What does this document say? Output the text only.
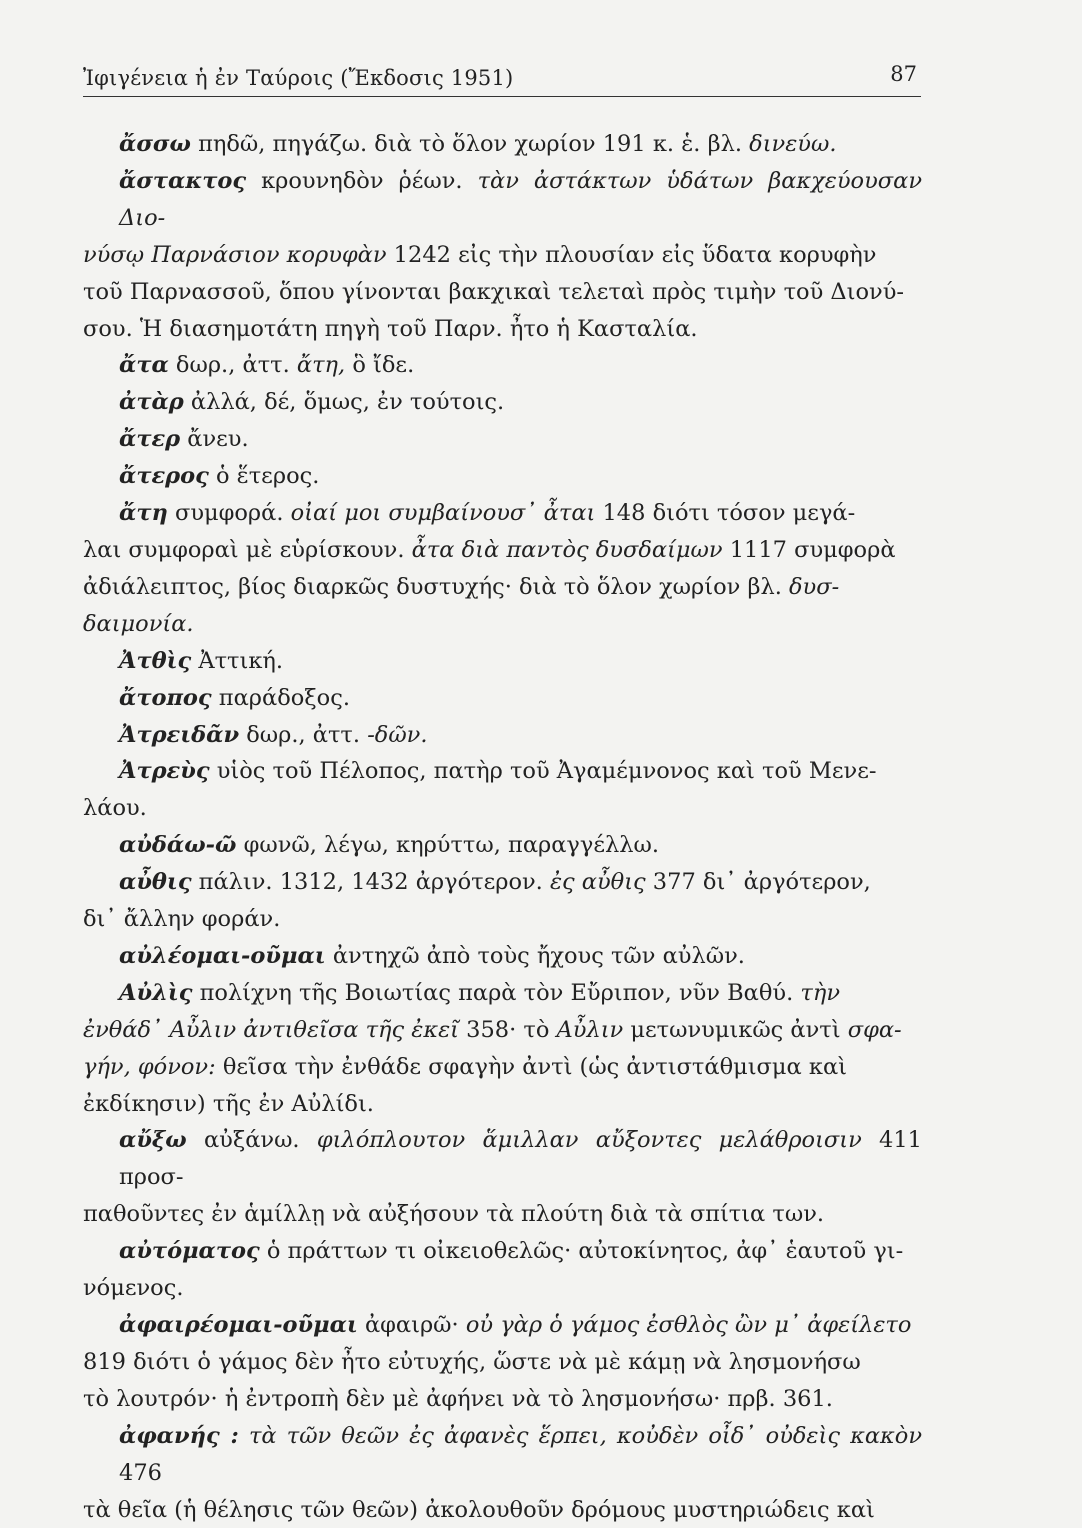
Ἰφιγένεια ἡ ἐν Ταύροις (Ἔκδοσις 1951)	87

ἄσσω πηδῶ, πηγάζω. διὰ τὸ ὅλον χωρίον 191 κ. ἑ. βλ. δινεύω.

ἄστακτος κρουνηδὸν ῥέων. τὰν ἀστάκτων ὑδάτων βακχεύουσαν Διο-

νύσῳ Παρνάσιον κορυφὰν 1242 εἰς τὴν πλουσίαν εἰς ὕδατα κορυφὴν

τοῦ Παρνασσοῦ, ὅπου γίνονται βακχικαὶ τελεταὶ πρὸς τιμὴν τοῦ Διονύ-

σου. Ἡ διασημοτάτη πηγὴ τοῦ Παρν. ἦτο ἡ Κασταλία.

ἄτα δωρ., ἀττ. ἄτη, ὃ ἴδε.

ἀτὰρ ἀλλά, δέ, ὅμως, ἐν τούτοις.

ἄτερ ἄνευ.

ἄτερος ὁ ἕτερος.

ἄτη συμφορά. οἰαί μοι συμβαίνουσ᾽ ἆται 148 διότι τόσον μεγά-

λαι συμφοραὶ μὲ εὑρίσκουν. ἆτα διὰ παντὸς δυσδαίμων 1117 συμφορὰ

ἀδιάλειπτος, βίος διαρκῶς δυστυχής· διὰ τὸ ὅλον χωρίον βλ. δυσ-

δαιμονία.

Ἀτθὶς Ἀττική.

ἄτοπος παράδοξος.

Ἀτρειδᾶν δωρ., ἀττ. -δῶν.

Ἀτρεὺς υἱὸς τοῦ Πέλοπος, πατὴρ τοῦ Ἀγαμέμνονος καὶ τοῦ Μενε-

λάου.

αὐδάω-ῶ φωνῶ, λέγω, κηρύττω, παραγγέλλω.

αὖθις πάλιν. 1312, 1432 ἀργότερον. ἐς αὖθις 377 δι᾽ ἀργότερον,

δι᾽ ἄλλην φοράν.

αὐλέομαι-οῦμαι ἀντηχῶ ἀπὸ τοὺς ἤχους τῶν αὐλῶν.

Αὐλὶς πολίχνη τῆς Βοιωτίας παρὰ τὸν Εὔριπον, νῦν Βαθύ. τὴν

ἐνθάδ᾽ Αὖλιν ἀντιθεῖσα τῆς ἐκεῖ 358· τὸ Αὖλιν μετωνυμικῶς ἀντὶ σφα-

γήν, φόνον: θεῖσα τὴν ἐνθάδε σφαγὴν ἀντὶ (ὡς ἀντιστάθμισμα καὶ

ἐκδίκησιν) τῆς ἐν Αὐλίδι.

αὔξω αὐξάνω. φιλόπλουτον ἅμιλλαν αὔξοντες μελάθροισιν 411 προσ-

παθοῦντες ἐν ἁμίλλῃ νὰ αὐξήσουν τὰ πλούτη διὰ τὰ σπίτια των.

αὐτόματος ὁ πράττων τι οἰκειοθελῶς· αὐτοκίνητος, ἀφ᾽ ἑαυτοῦ γι-

νόμενος.

ἀφαιρέομαι-οῦμαι ἀφαιρῶ· οὐ γὰρ ὁ γάμος ἐσθλὸς ὢν μ᾽ ἀφείλετο

819 διότι ὁ γάμος δὲν ἦτο εὐτυχής, ὥστε νὰ μὲ κάμῃ νὰ λησμονήσω

τὸ λουτρόν· ἡ ἐντροπὴ δὲν μὲ ἀφήνει νὰ τὸ λησμονήσω· πρβ. 361.

ἀφανής : τὰ τῶν θεῶν ἐς ἀφανὲς ἕρπει, κοὐδὲν οἶδ᾽ οὐδεὶς κακὸν 476

τὰ θεῖα (ἡ θέλησις τῶν θεῶν) ἀκολουθοῦν δρόμους μυστηριώδεις καὶ
